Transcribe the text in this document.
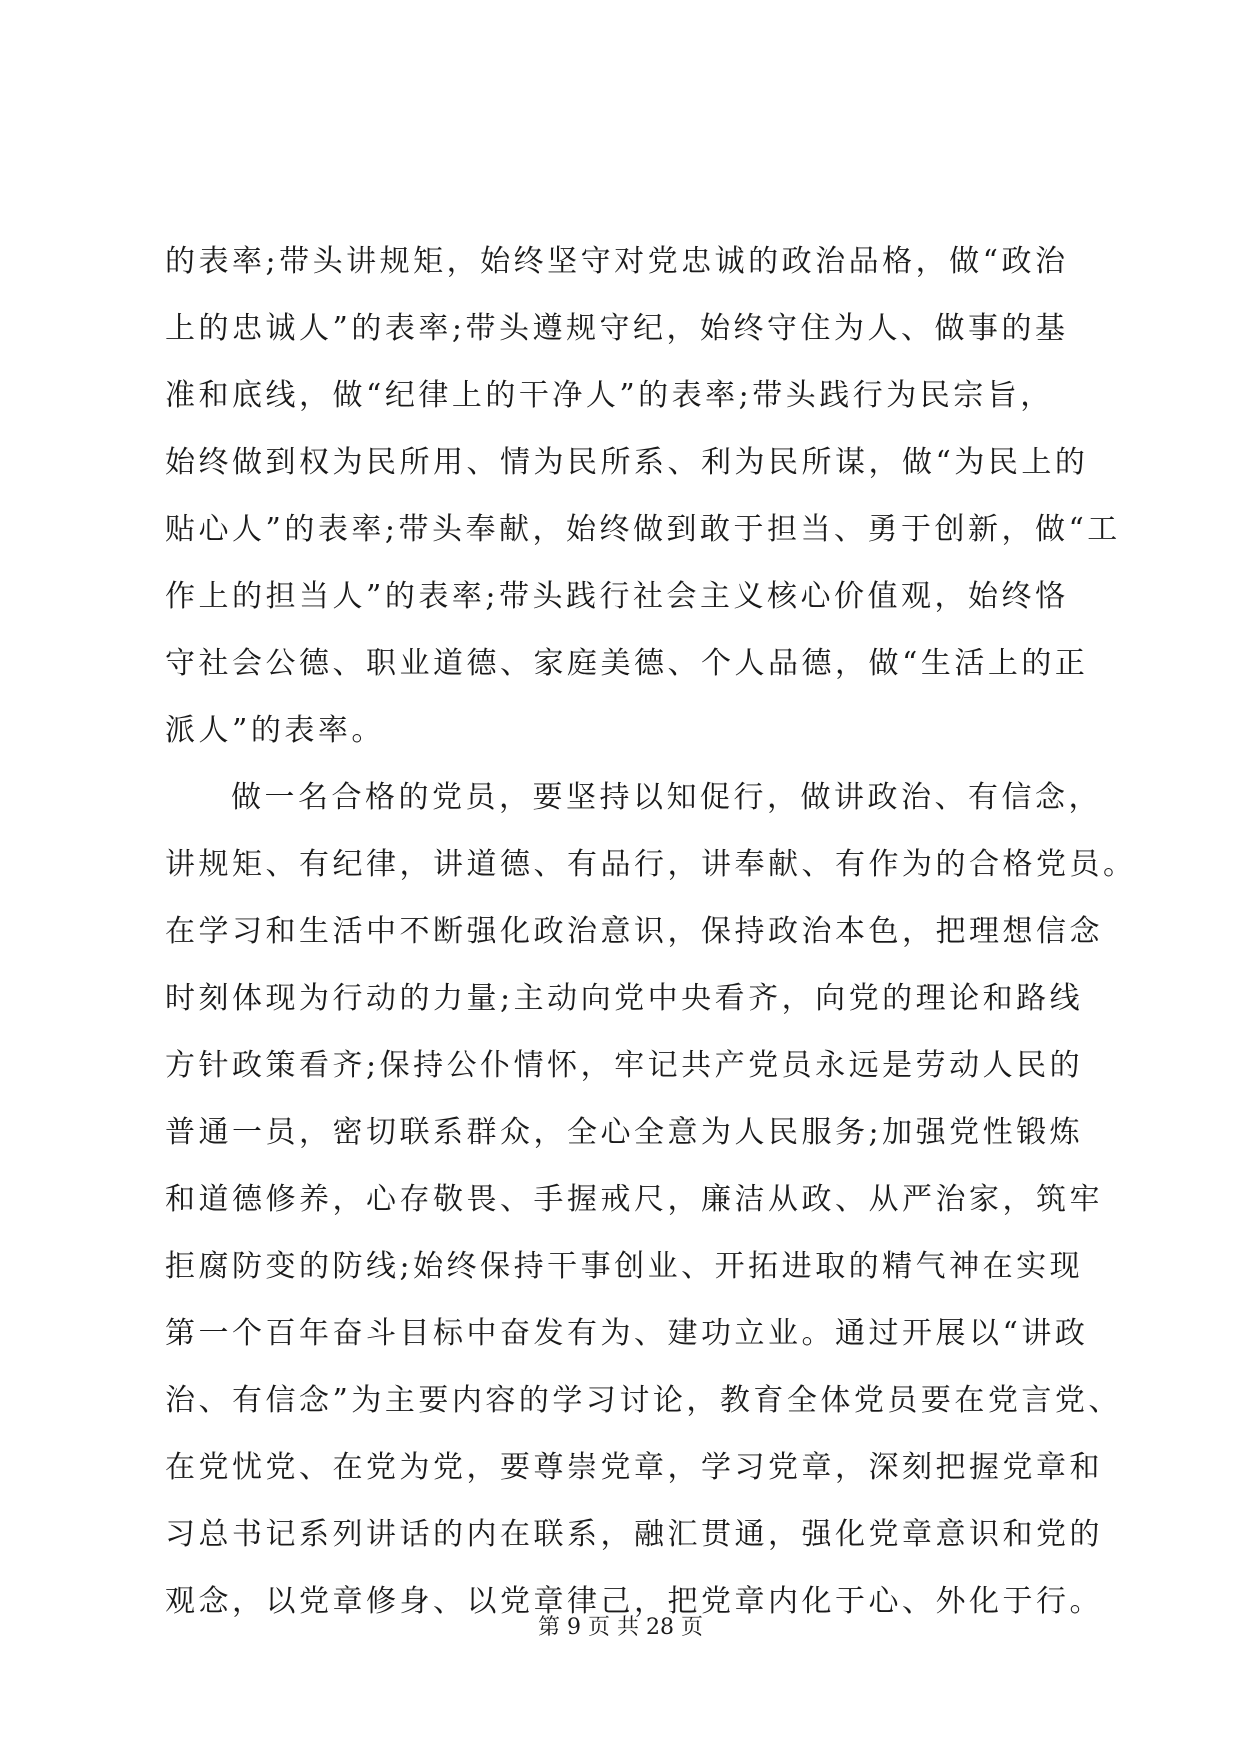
的表率;带头讲规矩，始终坚守对党忠诚的政治品格，做“政治
上的忠诚人”的表率;带头遵规守纪，始终守住为人、做事的基
准和底线，做“纪律上的干净人”的表率;带头践行为民宗旨，
始终做到权为民所用、情为民所系、利为民所谋，做“为民上的
贴心人”的表率;带头奉献，始终做到敢于担当、勇于创新，做“工
作上的担当人”的表率;带头践行社会主义核心价值观，始终恪
守社会公德、职业道德、家庭美德、个人品德，做“生活上的正
派人”的表率。
做一名合格的党员，要坚持以知促行，做讲政治、有信念，
讲规矩、有纪律，讲道德、有品行，讲奉献、有作为的合格党员。
在学习和生活中不断强化政治意识，保持政治本色，把理想信念
时刻体现为行动的力量;主动向党中央看齐，向党的理论和路线
方针政策看齐;保持公仆情怀，牢记共产党员永远是劳动人民的
普通一员，密切联系群众，全心全意为人民服务;加强党性锻炼
和道德修养，心存敬畏、手握戒尺，廉洁从政、从严治家，筑牢
拒腐防变的防线;始终保持干事创业、开拓进取的精气神在实现
第一个百年奋斗目标中奋发有为、建功立业。通过开展以“讲政
治、有信念”为主要内容的学习讨论，教育全体党员要在党言党、
在党忧党、在党为党，要尊崇党章，学习党章，深刻把握党章和
习总书记系列讲话的内在联系，融汇贯通，强化党章意识和党的
观念，以党章修身、以党章律己，把党章内化于心、外化于行。
第 9 页 共 28 页
